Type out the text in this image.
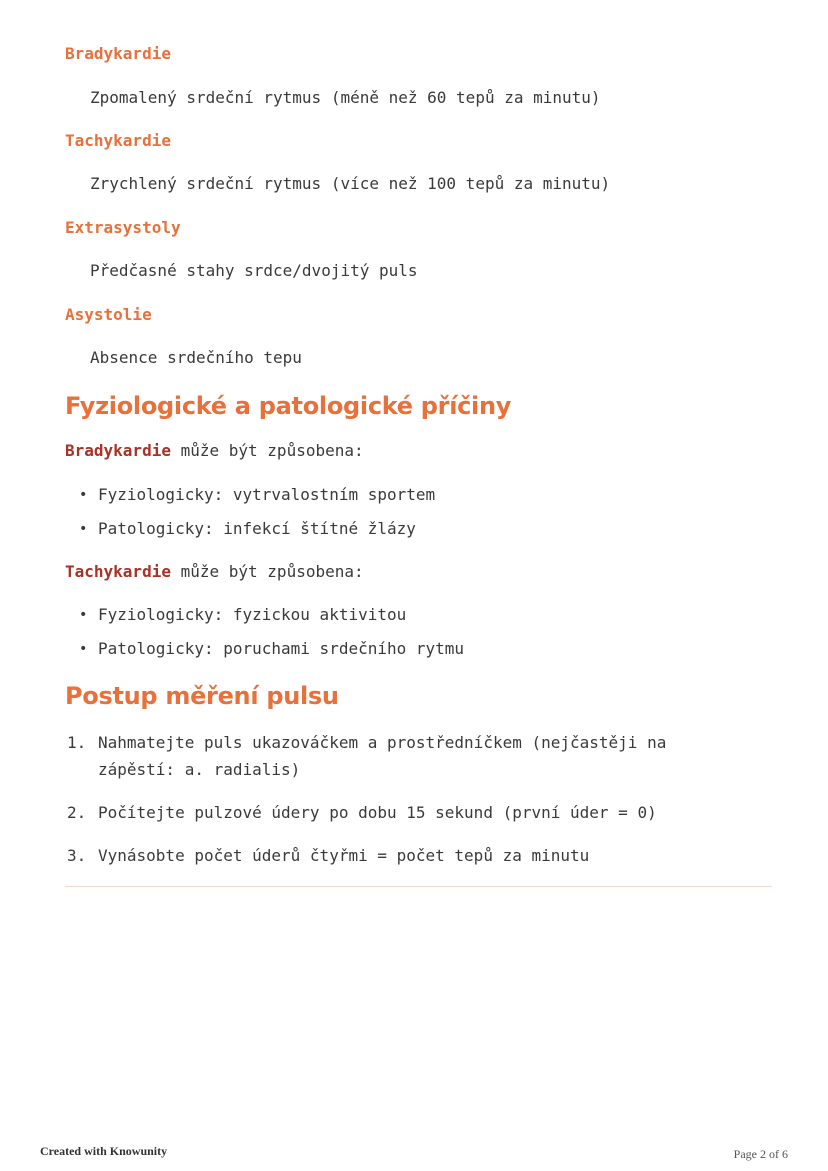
Bradykardie
Zpomalený srdeční rytmus (méně než 60 tepů za minutu)
Tachykardie
Zrychlený srdeční rytmus (více než 100 tepů za minutu)
Extrasystoly
Předčasné stahy srdce/dvojitý puls
Asystolie
Absence srdečního tepu
Fyziologické a patologické příčiny
Bradykardie může být způsobena:
• Fyziologicky: vytrvalostním sportem
• Patologicky: infekcí štítné žlázy
Tachykardie může být způsobena:
• Fyziologicky: fyzickou aktivitou
• Patologicky: poruchami srdečního rytmu
Postup měření pulsu
1. Nahmatejte puls ukazováčkem a prostředníčkem (nejčastěji na zápěstí: a. radialis)
2. Počítejte pulzové údery po dobu 15 sekund (první úder = 0)
3. Vynásobte počet úderů čtyřmi = počet tepů za minutu
Created with Knowunity	Page 2 of 6
